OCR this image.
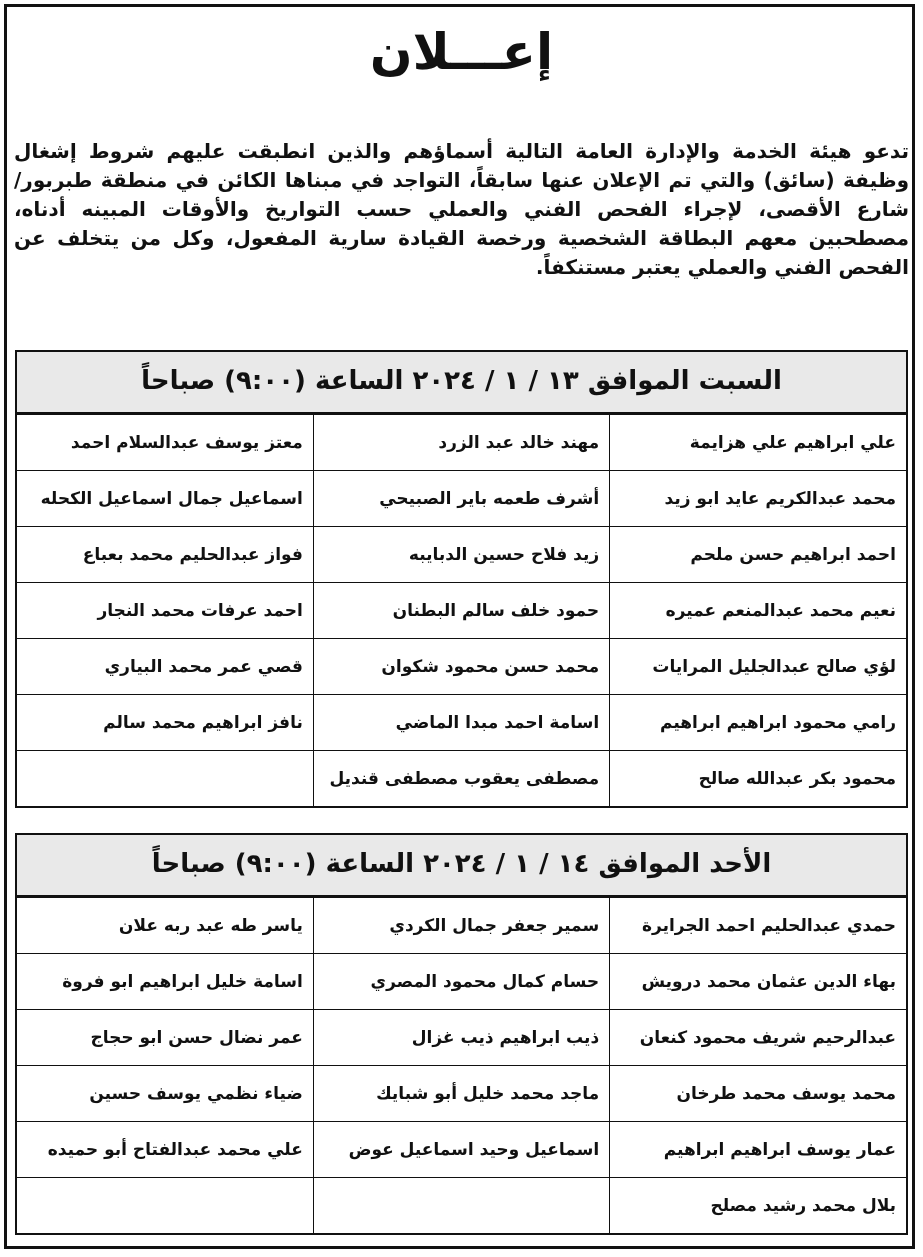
إعـــلان
تدعو هيئة الخدمة والإدارة العامة التالية أسماؤهم والذين انطبقت عليهم شروط إشغال وظيفة (سائق) والتي تم الإعلان عنها سابقاً، التواجد في مبناها الكائن في منطقة طبربور/ شارع الأقصى، لإجراء الفحص الفني والعملي حسب التواريخ والأوقات المبينه أدناه، مصطحبين معهم البطاقة الشخصية ورخصة القيادة سارية المفعول، وكل من يتخلف عن الفحص الفني والعملي يعتبر مستنكفاً.
السبت الموافق ١٣ / ١ / ٢٠٢٤ الساعة (٩:٠٠) صباحاً
علي ابراهيم علي هزايمة	مهند خالد عبد الزرد	معتز يوسف عبدالسلام احمد
محمد عبدالكريم عايد ابو زيد	أشرف طعمه باير الصبيحي	اسماعيل جمال اسماعيل الكحله
احمد ابراهيم حسن ملحم	زيد فلاح حسين الدبايبه	فواز عبدالحليم محمد بعباع
نعيم محمد عبدالمنعم عميره	حمود خلف سالم البطنان	احمد عرفات محمد النجار
لؤي صالح عبدالجليل المرايات	محمد حسن محمود شكوان	قصي عمر محمد البياري
رامي محمود ابراهيم ابراهيم	اسامة احمد مبدا الماضي	نافز ابراهيم محمد سالم
محمود بكر عبدالله صالح	مصطفى يعقوب مصطفى قنديل	
الأحد الموافق ١٤ / ١ / ٢٠٢٤ الساعة (٩:٠٠) صباحاً
حمدي عبدالحليم احمد الجرايرة	سمير جعفر جمال الكردي	ياسر طه عبد ربه علان
بهاء الدين عثمان محمد درويش	حسام كمال محمود المصري	اسامة خليل ابراهيم ابو فروة
عبدالرحيم شريف محمود كنعان	ذيب ابراهيم ذيب غزال	عمر نضال حسن ابو حجاج
محمد يوسف محمد طرخان	ماجد محمد خليل أبو شبايك	ضياء نظمي يوسف حسين
عمار يوسف ابراهيم ابراهيم	اسماعيل وحيد اسماعيل عوض	علي محمد عبدالفتاح أبو حميده
بلال محمد رشيد مصلح		
